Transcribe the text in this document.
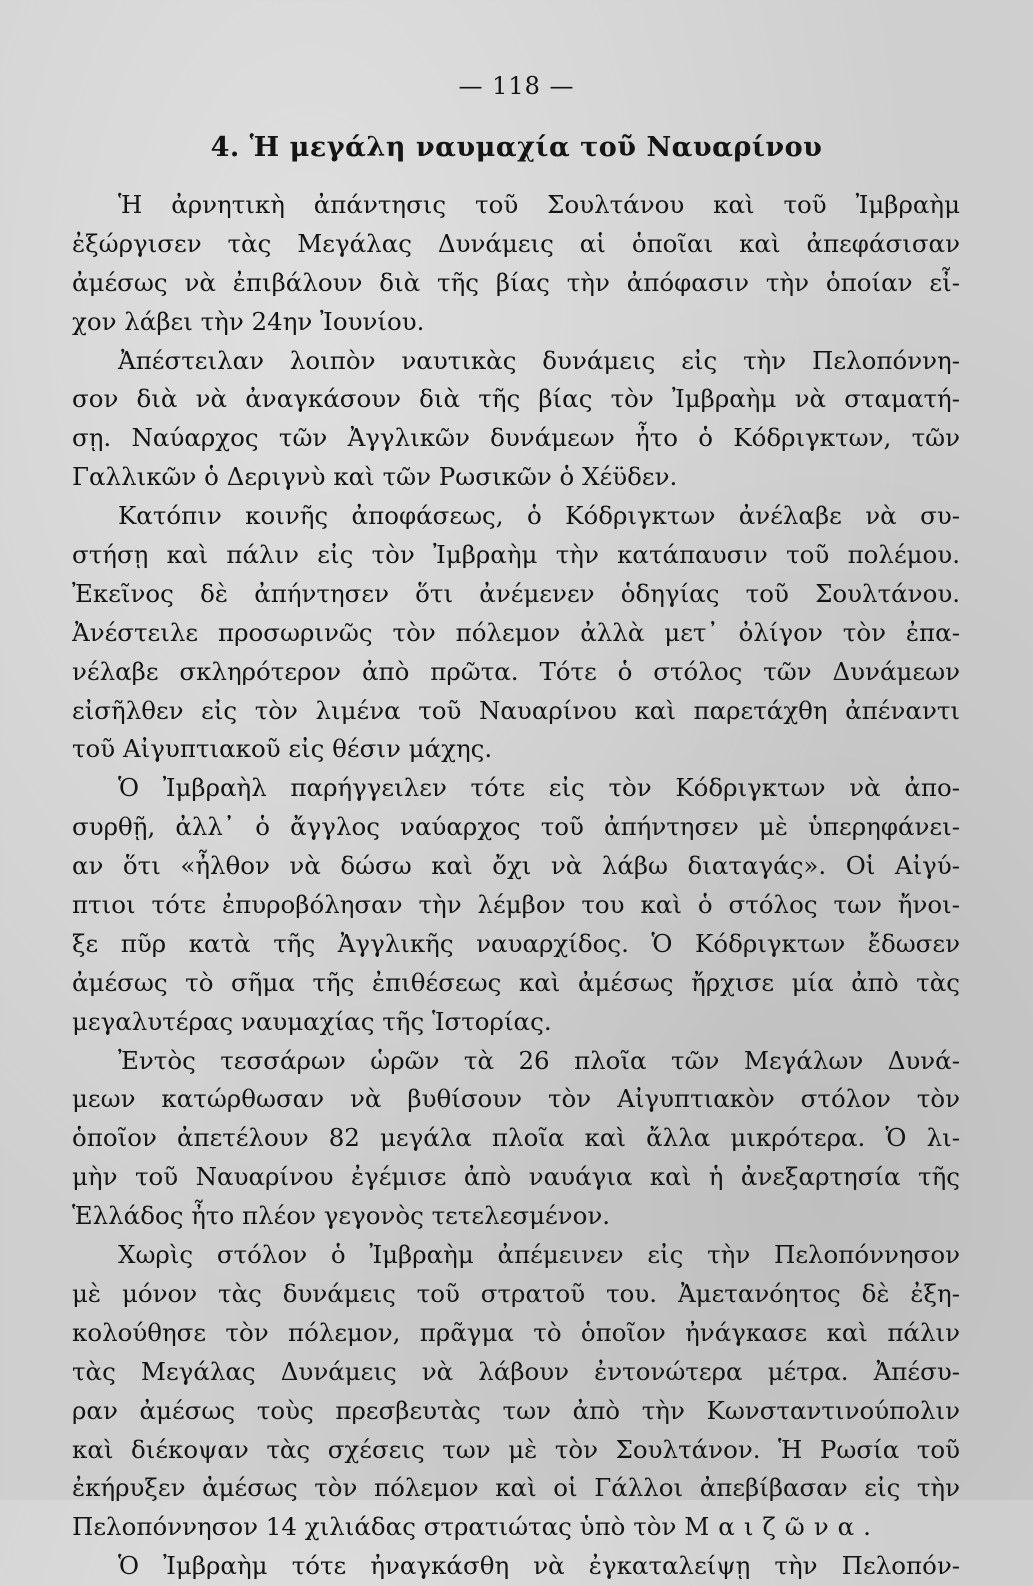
— 118 —
4. Ἡ μεγάλη ναυμαχία τοῦ Ναυαρίνου
Ἡ ἀρνητικὴ ἀπάντησις τοῦ Σουλτάνου καὶ τοῦ Ἰμβραὴμ
ἐξώργισεν τὰς Μεγάλας Δυνάμεις αἱ ὁποῖαι καὶ ἀπεφάσισαν
ἀμέσως νὰ ἐπιβάλουν διὰ τῆς βίας τὴν ἀπόφασιν τὴν ὁποίαν εἶ-
χον λάβει τὴν 24ην Ἰουνίου.
Ἀπέστειλαν λοιπὸν ναυτικὰς δυνάμεις εἰς τὴν Πελοπόννη-
σον διὰ νὰ ἀναγκάσουν διὰ τῆς βίας τὸν Ἰμβραὴμ νὰ σταματή-
σῃ. Ναύαρχος τῶν Ἀγγλικῶν δυνάμεων ἦτο ὁ Κόδριγκτων, τῶν
Γαλλικῶν ὁ Δεριγνὺ καὶ τῶν Ρωσικῶν ὁ Χέϋδεν.
Κατόπιν κοινῆς ἀποφάσεως, ὁ Κόδριγκτων ἀνέλαβε νὰ συ-
στήσῃ καὶ πάλιν εἰς τὸν Ἰμβραὴμ τὴν κατάπαυσιν τοῦ πολέμου.
Ἐκεῖνος δὲ ἀπήντησεν ὅτι ἀνέμενεν ὁδηγίας τοῦ Σουλτάνου.
Ἀνέστειλε προσωρινῶς τὸν πόλεμον ἀλλὰ μετ᾽ ὀλίγον τὸν ἐπα-
νέλαβε σκληρότερον ἀπὸ πρῶτα. Τότε ὁ στόλος τῶν Δυνάμεων
εἰσῆλθεν εἰς τὸν λιμένα τοῦ Ναυαρίνου καὶ παρετάχθη ἀπέναντι
τοῦ Αἰγυπτιακοῦ εἰς θέσιν μάχης.
Ὁ Ἰμβραὴλ παρήγγειλεν τότε εἰς τὸν Κόδριγκτων νὰ ἀπο-
συρθῇ, ἀλλ᾽ ὁ ἄγγλος ναύαρχος τοῦ ἀπήντησεν μὲ ὑπερηφάνει-
αν ὅτι «ἦλθον νὰ δώσω καὶ ὄχι νὰ λάβω διαταγάς». Οἱ Αἰγύ-
πτιοι τότε ἐπυροβόλησαν τὴν λέμβον του καὶ ὁ στόλος των ἤνοι-
ξε πῦρ κατὰ τῆς Ἀγγλικῆς ναυαρχίδος. Ὁ Κόδριγκτων ἔδωσεν
ἀμέσως τὸ σῆμα τῆς ἐπιθέσεως καὶ ἀμέσως ἤρχισε μία ἀπὸ τὰς
μεγαλυτέρας ναυμαχίας τῆς Ἱστορίας.
Ἐντὸς τεσσάρων ὡρῶν τὰ 26 πλοῖα τῶν Μεγάλων Δυνά-
μεων κατώρθωσαν νὰ βυθίσουν τὸν Αἰγυπτιακὸν στόλον τὸν
ὁποῖον ἀπετέλουν 82 μεγάλα πλοῖα καὶ ἄλλα μικρότερα. Ὁ λι-
μὴν τοῦ Ναυαρίνου ἐγέμισε ἀπὸ ναυάγια καὶ ἡ ἀνεξαρτησία τῆς
Ἑλλάδος ἦτο πλέον γεγονὸς τετελεσμένον.
Χωρὶς στόλον ὁ Ἰμβραὴμ ἀπέμεινεν εἰς τὴν Πελοπόννησον
μὲ μόνον τὰς δυνάμεις τοῦ στρατοῦ του. Ἀμετανόητος δὲ ἐξη-
κολούθησε τὸν πόλεμον, πρᾶγμα τὸ ὁποῖον ἠνάγκασε καὶ πάλιν
τὰς Μεγάλας Δυνάμεις νὰ λάβουν ἐντονώτερα μέτρα. Ἀπέσυ-
ραν ἀμέσως τοὺς πρεσβευτὰς των ἀπὸ τὴν Κωνσταντινούπολιν
καὶ διέκοψαν τὰς σχέσεις των μὲ τὸν Σουλτάνον. Ἡ Ρωσία τοῦ
ἐκήρυξεν ἀμέσως τὸν πόλεμον καὶ οἱ Γάλλοι ἀπεβίβασαν εἰς τὴν
Πελοπόννησον 14 χιλιάδας στρατιώτας ὑπὸ τὸν Μαιζῶνα.
Ὁ Ἰμβραὴμ τότε ἠναγκάσθη νὰ ἐγκαταλείψῃ τὴν Πελοπόν-
